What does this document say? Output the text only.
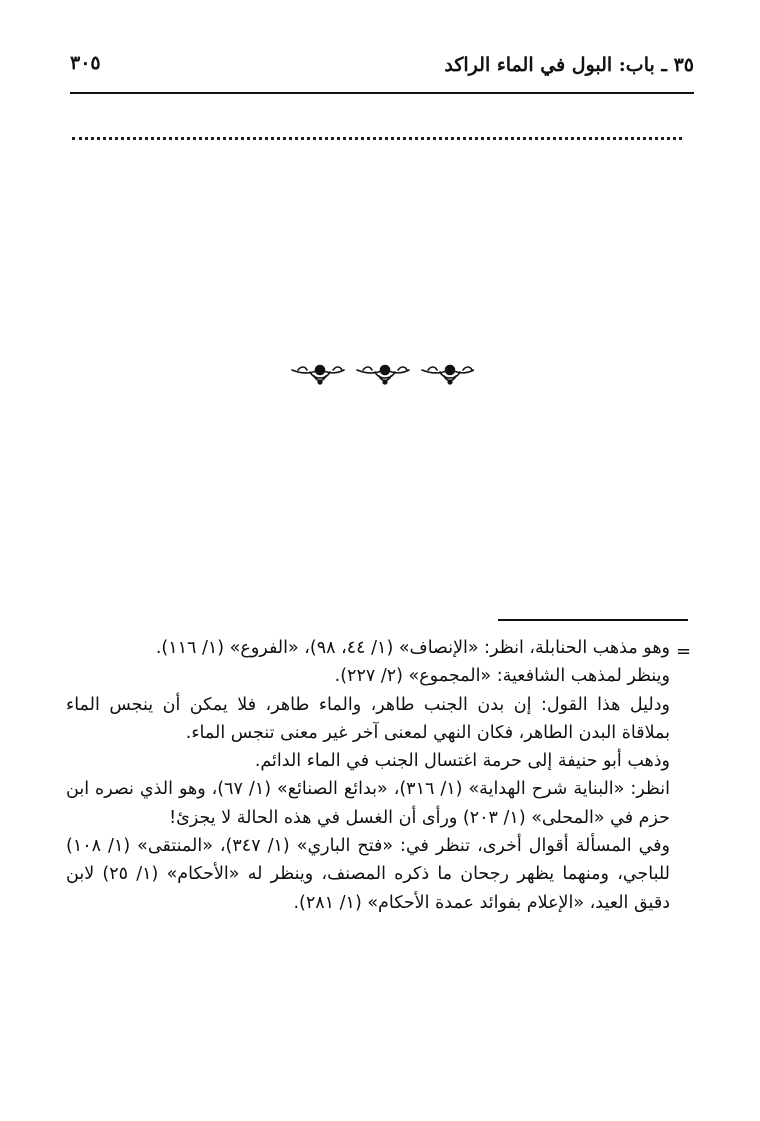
٣٥ ـ باب: البول في الماء الراكد
٣٠٥
=

وهو مذهب الحنابلة، انظر: «الإنصاف» (١/ ٤٤، ٩٨)، «الفروع» (١/ ١١٦).

وينظر لمذهب الشافعية: «المجموع» (٢/ ٢٢٧).

ودليل هذا القول: إن بدن الجنب طاهر، والماء طاهر، فلا يمكن أن ينجس الماء بملاقاة البدن الطاهر، فكان النهي لمعنى آخر غير معنى تنجس الماء.

وذهب أبو حنيفة إلى حرمة اغتسال الجنب في الماء الدائم.

انظر: «البناية شرح الهداية» (١/ ٣١٦)، «بدائع الصنائع» (١/ ٦٧)، وهو الذي نصره ابن حزم في «المحلى» (١/ ٢٠٣) ورأى أن الغسل في هذه الحالة لا يجزئ!

وفي المسألة أقوال أخرى، تنظر في: «فتح الباري» (١/ ٣٤٧)، «المنتقى» (١/ ١٠٨) للباجي، ومنهما يظهر رجحان ما ذكره المصنف، وينظر له «الأحكام» (١/ ٢٥) لابن دقيق العيد، «الإعلام بفوائد عمدة الأحكام» (١/ ٢٨١).
